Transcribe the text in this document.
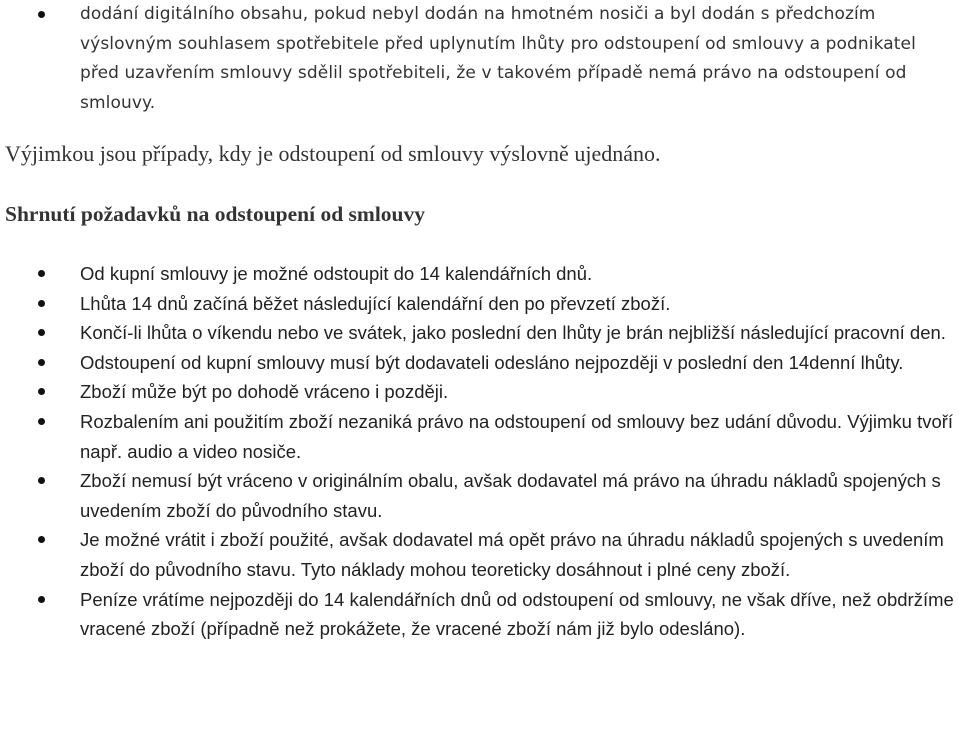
dodání digitálního obsahu, pokud nebyl dodán na hmotném nosiči a byl dodán s předchozím výslovným souhlasem spotřebitele před uplynutím lhůty pro odstoupení od smlouvy a podnikatel před uzavřením smlouvy sdělil spotřebiteli, že v takovém případě nemá právo na odstoupení od smlouvy.

Výjimkou jsou případy, kdy je odstoupení od smlouvy výslovně ujednáno.

Shrnutí požadavků na odstoupení od smlouvy
Od kupní smlouvy je možné odstoupit do 14 kalendářních dnů.
Lhůta 14 dnů začíná běžet následující kalendářní den po převzetí zboží.
Končí-li lhůta o víkendu nebo ve svátek, jako poslední den lhůty je brán nejbližší následující pracovní den.
Odstoupení od kupní smlouvy musí být dodavateli odesláno nejpozději v poslední den 14denní lhůty.
Zboží může být po dohodě vráceno i později.
Rozbalením ani použitím zboží nezaniká právo na odstoupení od smlouvy bez udání důvodu. Výjimku tvoří např. audio a video nosiče.
Zboží nemusí být vráceno v originálním obalu, avšak dodavatel má právo na úhradu nákladů spojených s uvedením zboží do původního stavu.
Je možné vrátit i zboží použité, avšak dodavatel má opět právo na úhradu nákladů spojených s uvedením zboží do původního stavu. Tyto náklady mohou teoreticky dosáhnout i plné ceny zboží.
Peníze vrátíme nejpozději do 14 kalendářních dnů od odstoupení od smlouvy, ne však dříve, než obdržíme vracené zboží (případně než prokážete, že vracené zboží nám již bylo odesláno).
